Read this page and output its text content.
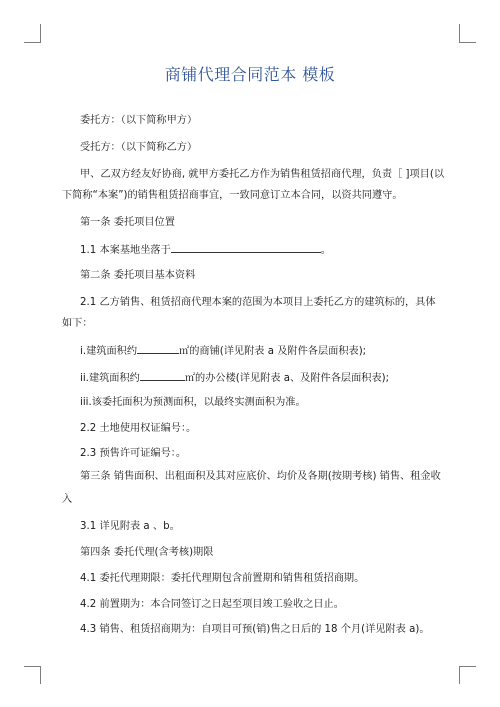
商铺代理合同范本 模板
委托方：（以下简称甲方）
受托方：（以下简称乙方）
甲、乙双方经友好协商, 就甲方委托乙方作为销售租赁招商代理，负责［ ]项目(以
下简称“本案”)的销售租赁招商事宜，一致同意订立本合同，以资共同遵守。
第一条 委托项目位置
1.1 本案基地坐落于	。
第二条 委托项目基本资料
2.1 乙方销售、租赁招商代理本案的范围为本项目上委托乙方的建筑标的，具体
如下：
i.建筑面积约	㎡的商铺(详见附表 a 及附件各层面积表);
ii.建筑面积约	㎡的办公楼(详见附表 a、及附件各层面积表);
iii.该委托面积为预测面积，以最终实测面积为准。
2.2 土地使用权证编号：。
2.3 预售许可证编号：。
第三条 销售面积、出租面积及其对应底价、均价及各期(按期考核) 销售、租金收
入
3.1 详见附表 a 、b。
第四条 委托代理(含考核)期限
4.1 委托代理期限：委托代理期包含前置期和销售租赁招商期。
4.2 前置期为：本合同签订之日起至项目竣工验收之日止。
4.3 销售、租赁招商期为：自项目可预(销)售之日后的 18 个月(详见附表 a)。
